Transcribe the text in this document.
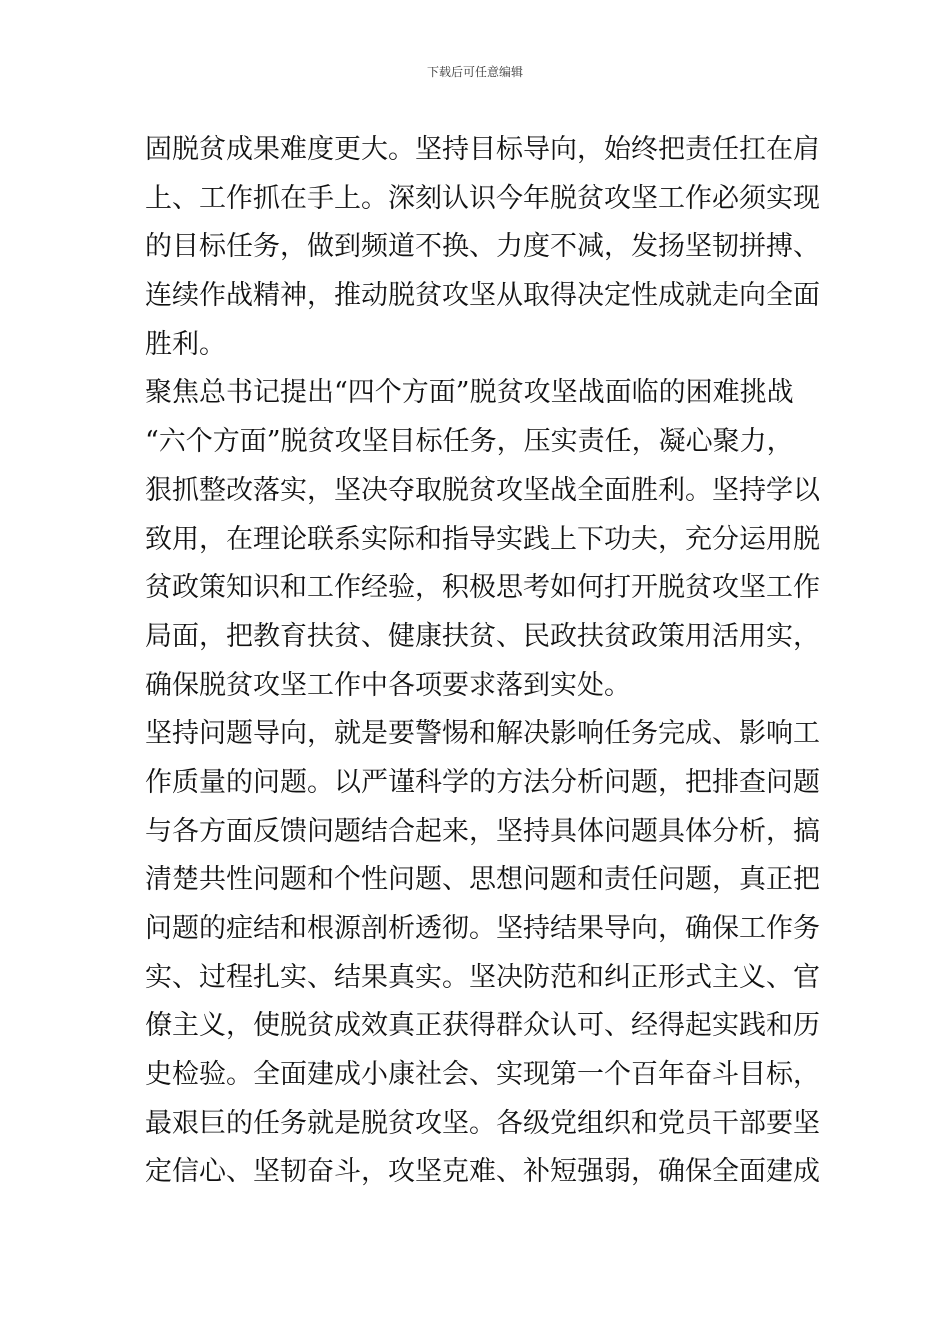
下载后可任意编辑

固脱贫成果难度更大。坚持目标导向，始终把责任扛在肩
上、工作抓在手上。深刻认识今年脱贫攻坚工作必须实现
的目标任务，做到频道不换、力度不减，发扬坚韧拼搏、
连续作战精神，推动脱贫攻坚从取得决定性成就走向全面
胜利。

聚焦总书记提出“四个方面”脱贫攻坚战面临的困难挑战
“六个方面”脱贫攻坚目标任务，压实责任，凝心聚力，
狠抓整改落实，坚决夺取脱贫攻坚战全面胜利。坚持学以
致用，在理论联系实际和指导实践上下功夫，充分运用脱
贫政策知识和工作经验，积极思考如何打开脱贫攻坚工作
局面，把教育扶贫、健康扶贫、民政扶贫政策用活用实，
确保脱贫攻坚工作中各项要求落到实处。

坚持问题导向，就是要警惕和解决影响任务完成、影响工
作质量的问题。以严谨科学的方法分析问题，把排查问题
与各方面反馈问题结合起来，坚持具体问题具体分析，搞
清楚共性问题和个性问题、思想问题和责任问题，真正把
问题的症结和根源剖析透彻。坚持结果导向，确保工作务
实、过程扎实、结果真实。坚决防范和纠正形式主义、官
僚主义，使脱贫成效真正获得群众认可、经得起实践和历
史检验。全面建成小康社会、实现第一个百年奋斗目标，
最艰巨的任务就是脱贫攻坚。各级党组织和党员干部要坚
定信心、坚韧奋斗，攻坚克难、补短强弱，确保全面建成
